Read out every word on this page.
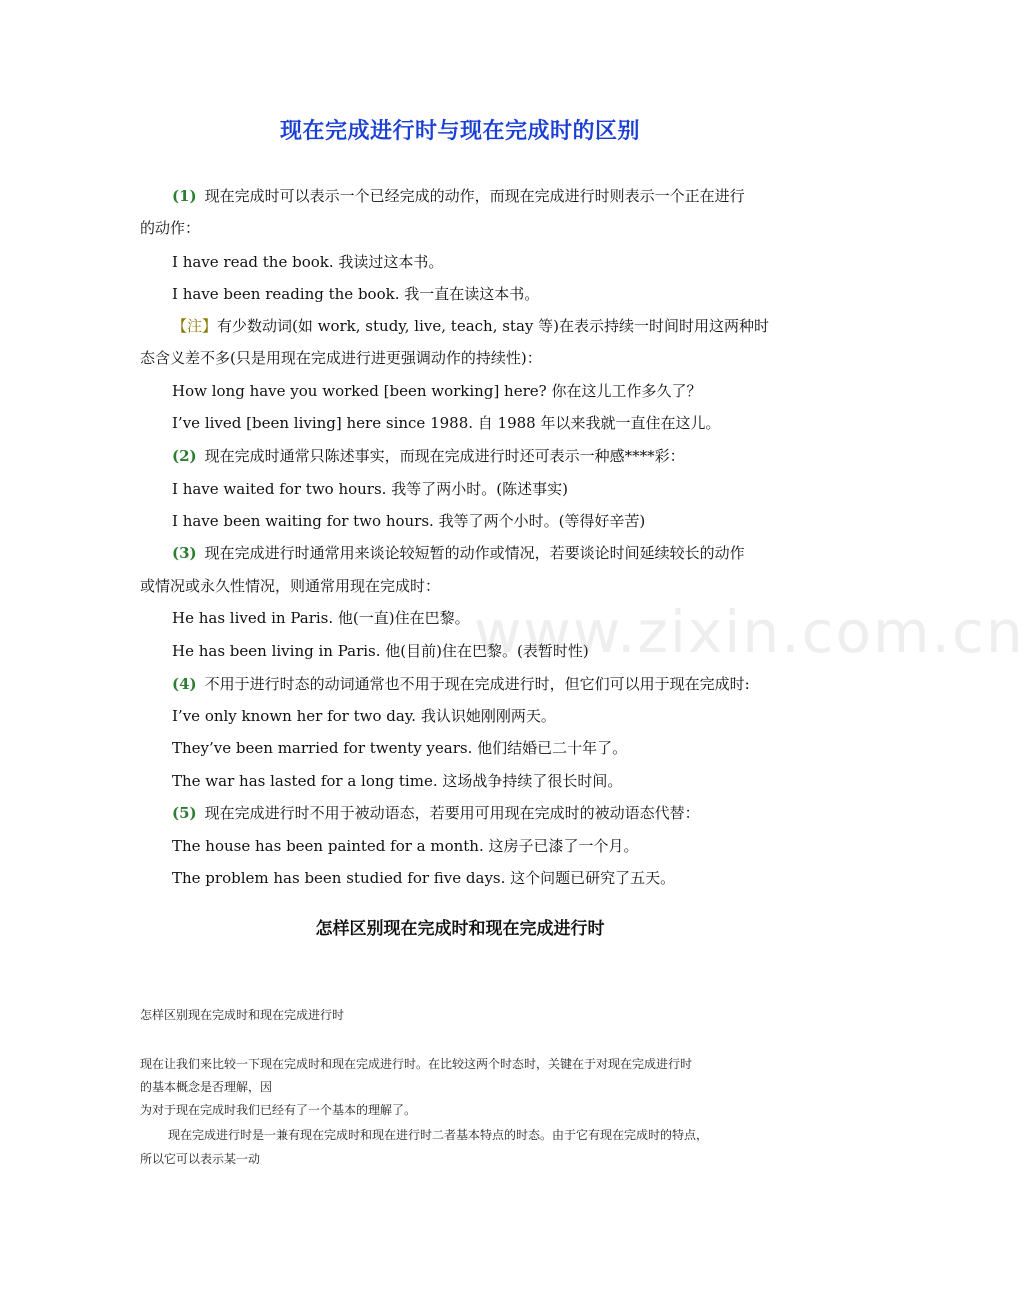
现在完成进行时与现在完成时的区别
(1) 现在完成时可以表示一个已经完成的动作，而现在完成进行时则表示一个正在进行
的动作：
I have read the book. 我读过这本书。
I have been reading the book. 我一直在读这本书。
【注】有少数动词(如 work, study, live, teach, stay 等)在表示持续一时间时用这两种时
态含义差不多(只是用现在完成进行进更强调动作的持续性)：
How long have you worked [been working] here? 你在这儿工作多久了？
I’ve lived [been living] here since 1988. 自 1988 年以来我就一直住在这儿。
(2) 现在完成时通常只陈述事实，而现在完成进行时还可表示一种感****彩：
I have waited for two hours. 我等了两小时。(陈述事实)
I have been waiting for two hours. 我等了两个小时。(等得好辛苦)
(3) 现在完成进行时通常用来谈论较短暂的动作或情况，若要谈论时间延续较长的动作
或情况或永久性情况，则通常用现在完成时：
He has lived in Paris. 他(一直)住在巴黎。
He has been living in Paris. 他(目前)住在巴黎。(表暂时性)
(4) 不用于进行时态的动词通常也不用于现在完成进行时，但它们可以用于现在完成时:
I’ve only known her for two day. 我认识她刚刚两天。
They’ve been married for twenty years. 他们结婚已二十年了。
The war has lasted for a long time. 这场战争持续了很长时间。
(5) 现在完成进行时不用于被动语态，若要用可用现在完成时的被动语态代替：
The house has been painted for a month. 这房子已漆了一个月。
The problem has been studied for five days. 这个问题已研究了五天。
怎样区别现在完成时和现在完成进行时
怎样区别现在完成时和现在完成进行时
现在让我们来比较一下现在完成时和现在完成进行时。在比较这两个时态时，关键在于对现在完成进行时
的基本概念是否理解，因
为对于现在完成时我们已经有了一个基本的理解了。
现在完成进行时是一兼有现在完成时和现在进行时二者基本特点的时态。由于它有现在完成时的特点，
所以它可以表示某一动
www.zixin.com.cn
